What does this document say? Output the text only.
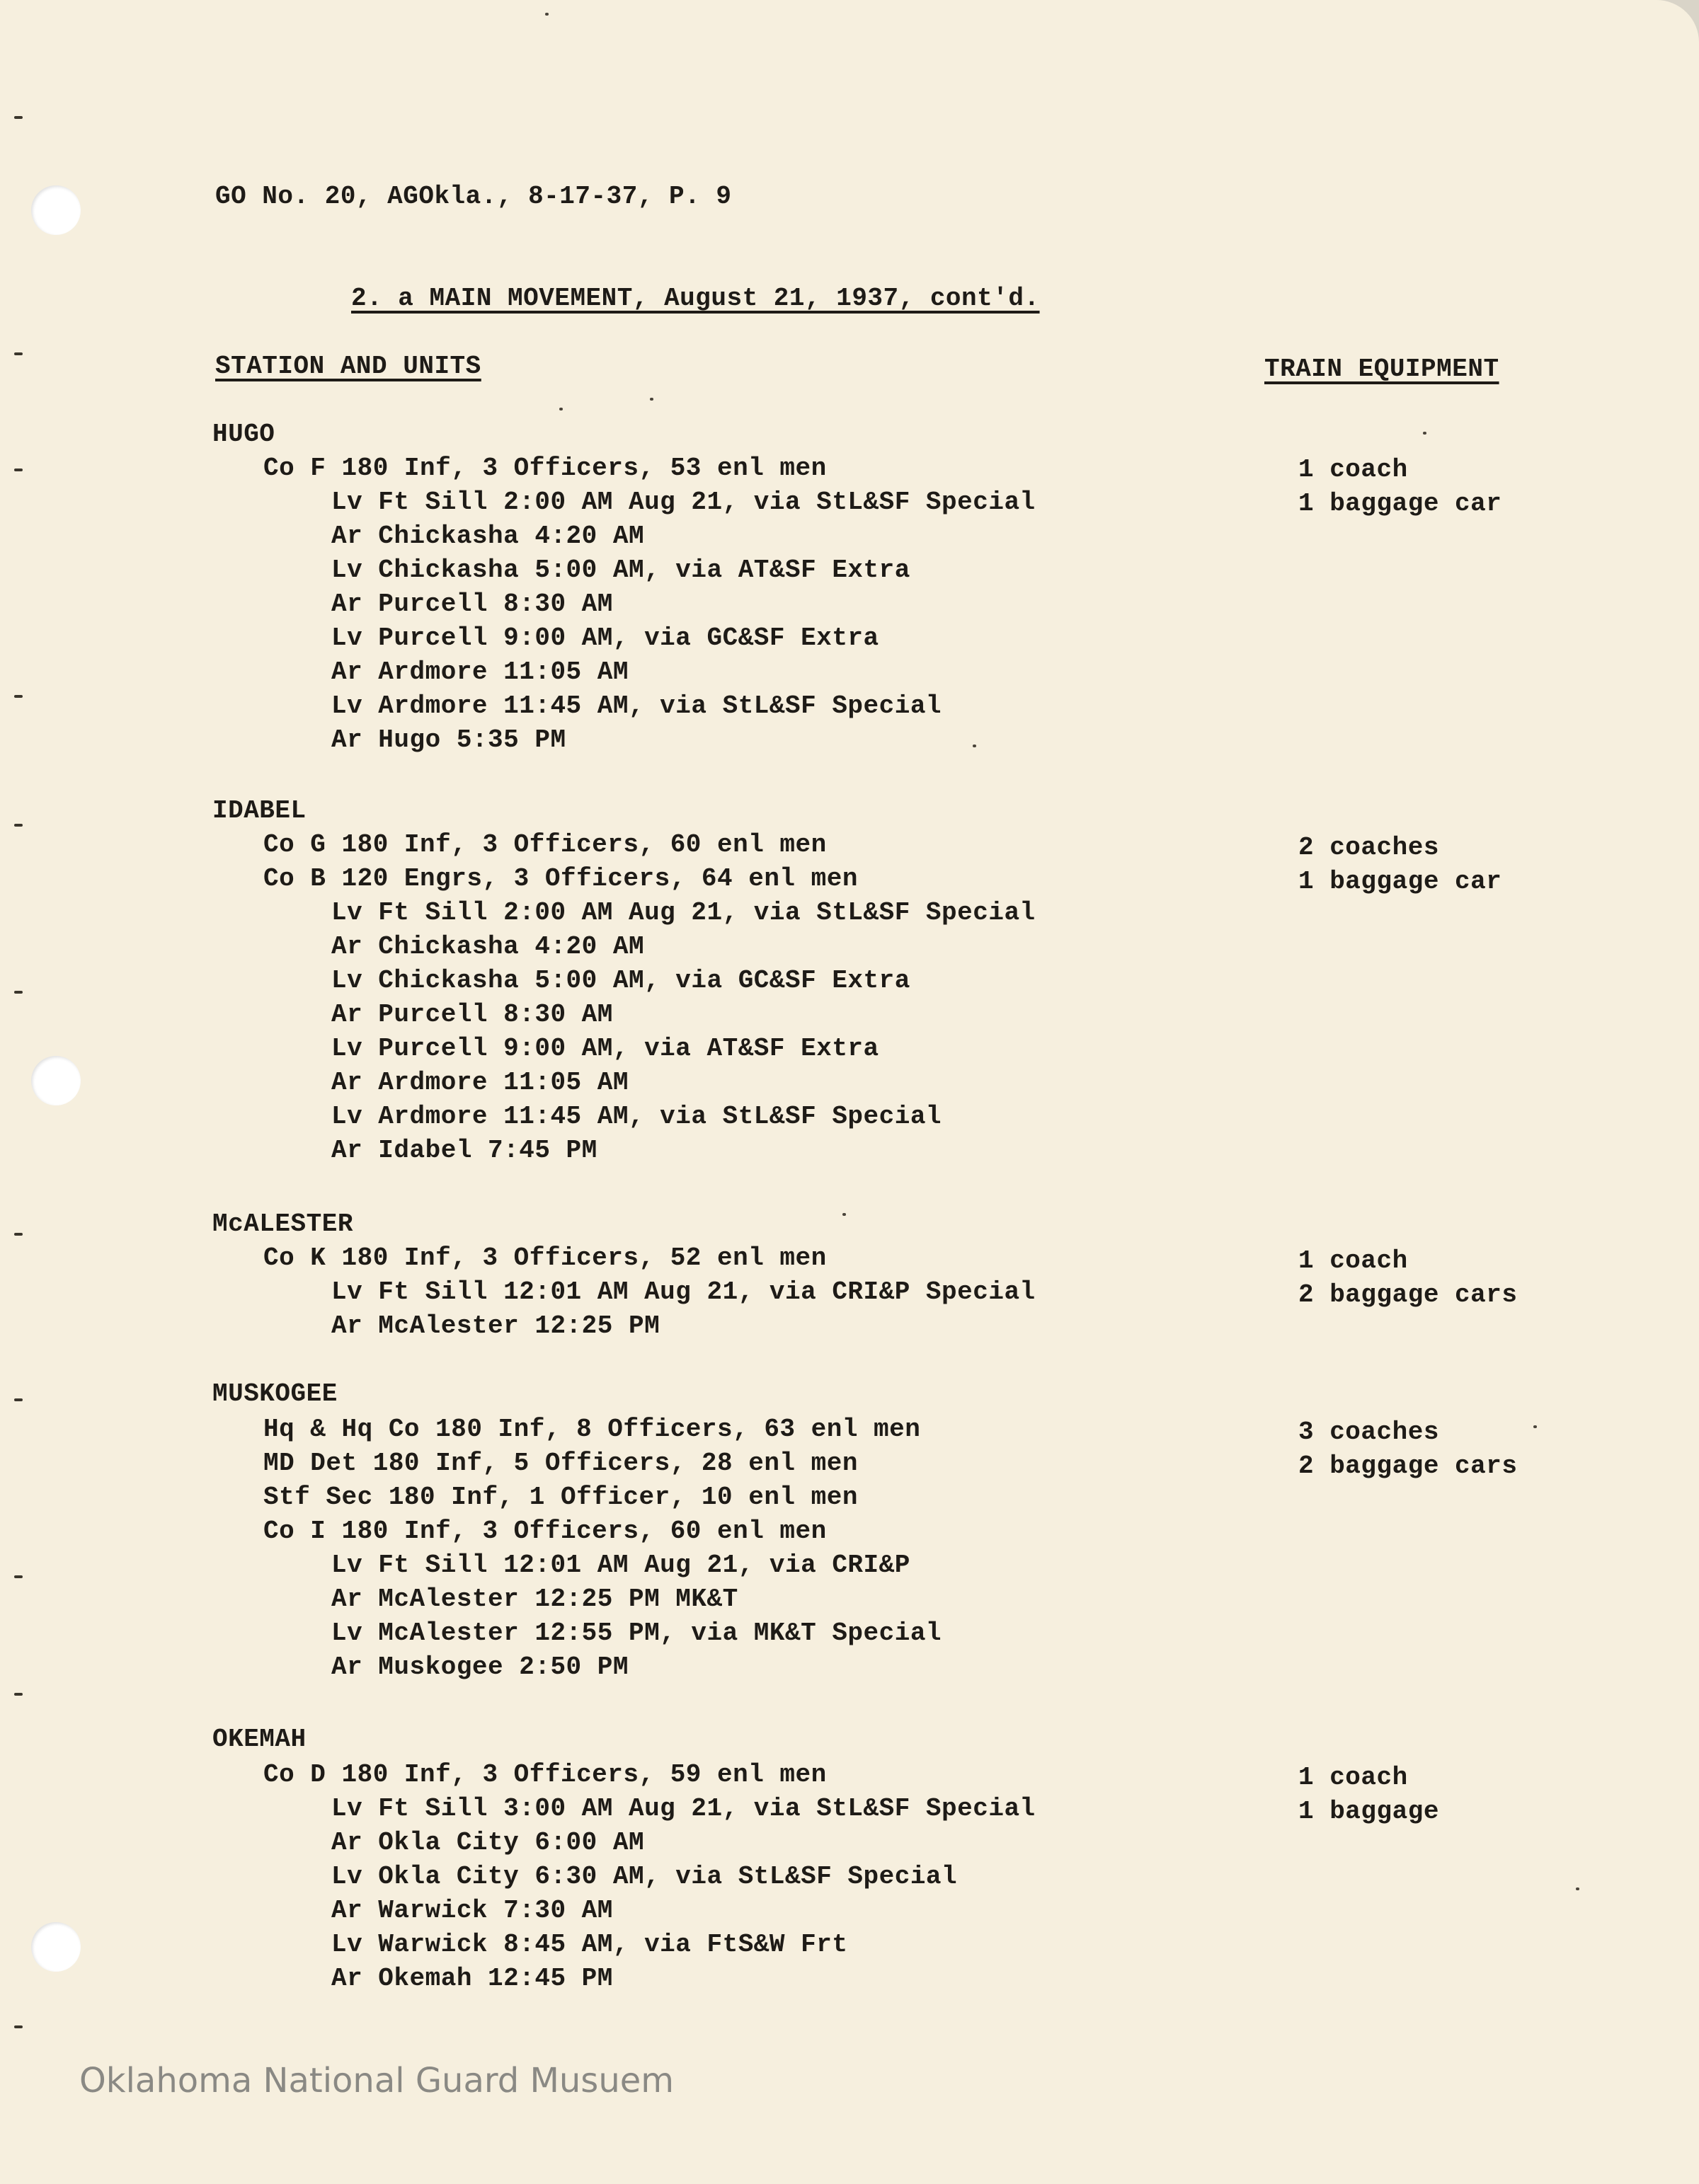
GO No. 20, AGOkla., 8-17-37, P. 9
2. a MAIN MOVEMENT, August 21, 1937, cont'd.
STATION AND UNITS	TRAIN EQUIPMENT
HUGO
Co F 180 Inf, 3 Officers, 53 enl men
Lv Ft Sill 2:00 AM Aug 21, via StL&SF Special
Ar Chickasha 4:20 AM
Lv Chickasha 5:00 AM, via AT&SF Extra
Ar Purcell 8:30 AM
Lv Purcell 9:00 AM, via GC&SF Extra
Ar Ardmore 11:05 AM
Lv Ardmore 11:45 AM, via StL&SF Special
Ar Hugo 5:35 PM
1 coach
1 baggage car
IDABEL
Co G 180 Inf, 3 Officers, 60 enl men
Co B 120 Engrs, 3 Officers, 64 enl men
Lv Ft Sill 2:00 AM Aug 21, via StL&SF Special
Ar Chickasha 4:20 AM
Lv Chickasha 5:00 AM, via GC&SF Extra
Ar Purcell 8:30 AM
Lv Purcell 9:00 AM, via AT&SF Extra
Ar Ardmore 11:05 AM
Lv Ardmore 11:45 AM, via StL&SF Special
Ar Idabel 7:45 PM
2 coaches
1 baggage car
McALESTER
Co K 180 Inf, 3 Officers, 52 enl men
Lv Ft Sill 12:01 AM Aug 21, via CRI&P Special
Ar McAlester 12:25 PM
1 coach
2 baggage cars
MUSKOGEE
Hq & Hq Co 180 Inf, 8 Officers, 63 enl men
MD Det 180 Inf, 5 Officers, 28 enl men
Stf Sec 180 Inf, 1 Officer, 10 enl men
Co I 180 Inf, 3 Officers, 60 enl men
Lv Ft Sill 12:01 AM Aug 21, via CRI&P
Ar McAlester 12:25 PM MK&T
Lv McAlester 12:55 PM, via MK&T Special
Ar Muskogee 2:50 PM
3 coaches
2 baggage cars
OKEMAH
Co D 180 Inf, 3 Officers, 59 enl men
Lv Ft Sill 3:00 AM Aug 21, via StL&SF Special
Ar Okla City 6:00 AM
Lv Okla City 6:30 AM, via StL&SF Special
Ar Warwick 7:30 AM
Lv Warwick 8:45 AM, via FtS&W Frt
Ar Okemah 12:45 PM
1 coach
1 baggage
Oklahoma National Guard Musuem
